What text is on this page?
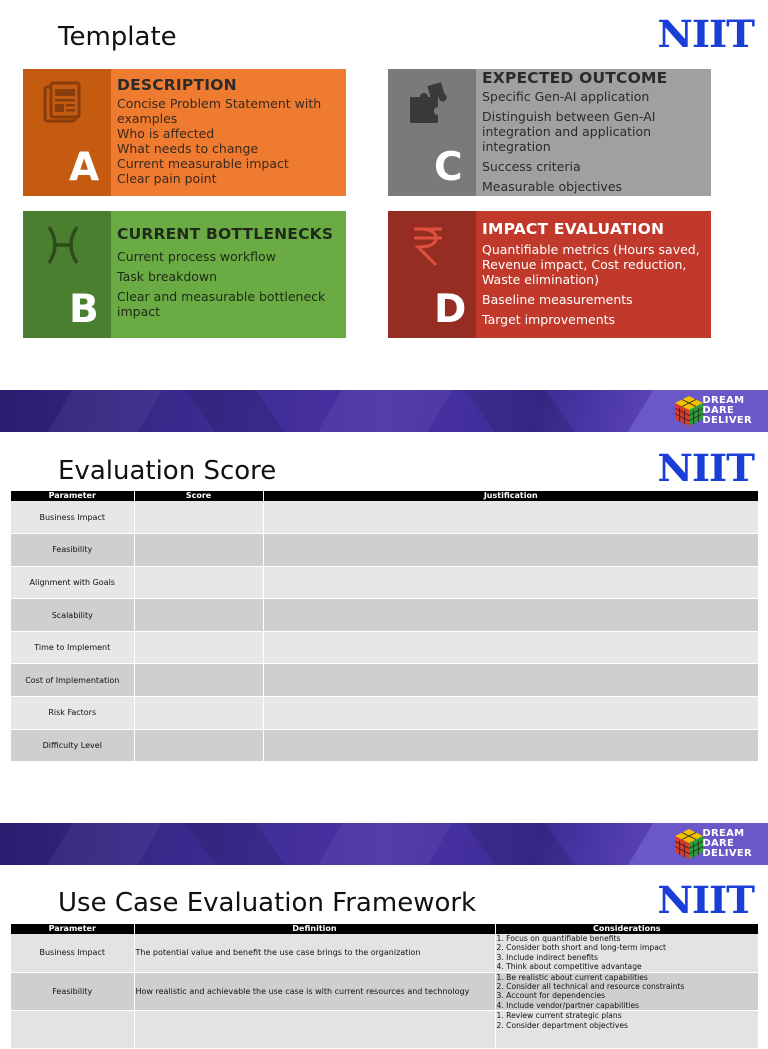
Template	NIIT
A
DESCRIPTION
Concise Problem Statement with examples
Who is affected
What needs to change
Current measurable impact
Clear pain point	C
EXPECTED OUTCOME
Specific Gen-AI application
Distinguish between Gen-AI integration and application integration
Success criteria
Measurable objectives
B
CURRENT BOTTLENECKS
Current process workflow
Task breakdown
Clear and measurable bottleneck impact	D
IMPACT EVALUATION
Quantifiable metrics (Hours saved, Revenue impact, Cost reduction, Waste elimination)
Baseline measurements
Target improvements
DREAM
DARE
DELIVER
Evaluation Score	NIIT
Parameter	Score	Justification
Business Impact		
Feasibility		
Alignment with Goals		
Scalability		
Time to Implement		
Cost of Implementation		
Risk Factors		
Difficulty Level		
DREAM
DARE
DELIVER
Use Case Evaluation Framework	NIIT
Parameter	Definition	Considerations
Business Impact	The potential value and benefit the use case brings to the organization	1. Focus on quantifiable benefits
2. Consider both short and long-term impact
3. Include indirect benefits
4. Think about competitive advantage

Feasibility	How realistic and achievable the use case is with current resources and technology	1. Be realistic about current capabilities
2. Consider all technical and resource constraints
3. Account for dependencies
4. Include vendor/partner capabilities

		1. Review current strategic plans
2. Consider department objectives
